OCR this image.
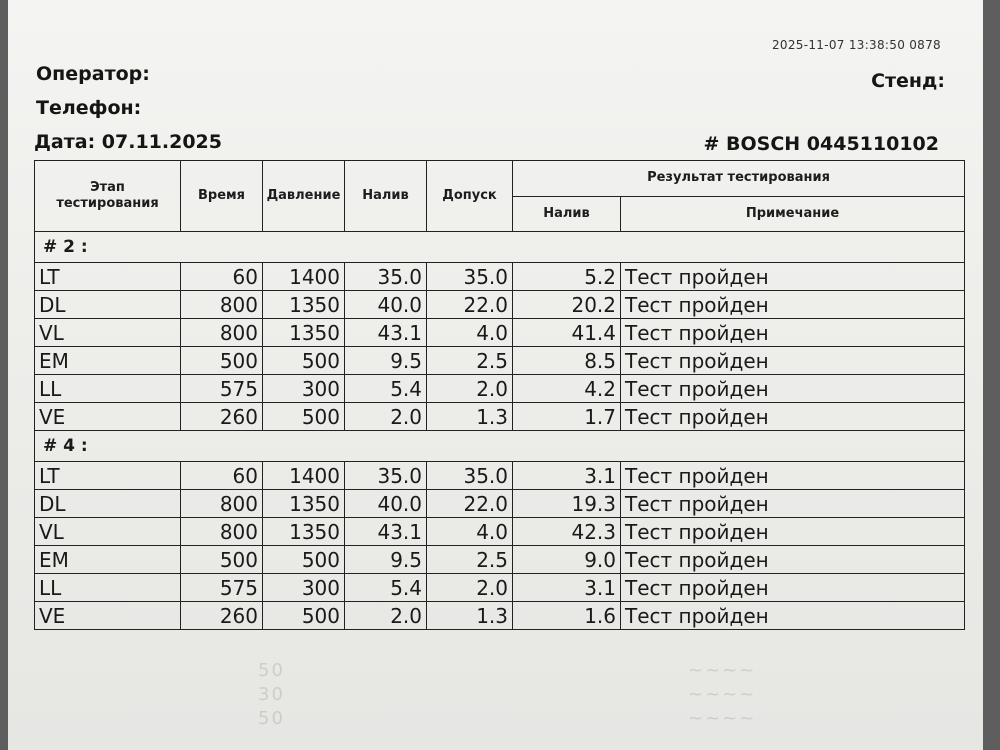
2025-11-07 13:38:50 0878
Оператор:
Телефон:
Дата: 07.11.2025
Стенд:
# BOSCH 0445110102
Этап тестирования	Время	Давление	Налив	Допуск	Результат тестирования	
					Налив	Примечание
# 2 :						
LT	60	1400	35.0	35.0	5.2	Тест пройден
DL	800	1350	40.0	22.0	20.2	Тест пройден
VL	800	1350	43.1	4.0	41.4	Тест пройден
EM	500	500	9.5	2.5	8.5	Тест пройден
LL	575	300	5.4	2.0	4.2	Тест пройден
VE	260	500	2.0	1.3	1.7	Тест пройден
# 4 :						
LT	60	1400	35.0	35.0	3.1	Тест пройден
DL	800	1350	40.0	22.0	19.3	Тест пройден
VL	800	1350	43.1	4.0	42.3	Тест пройден
EM	500	500	9.5	2.5	9.0	Тест пройден
LL	575	300	5.4	2.0	3.1	Тест пройден
VE	260	500	2.0	1.3	1.6	Тест пройден
50
30
50
~~~~
~~~~
~~~~
